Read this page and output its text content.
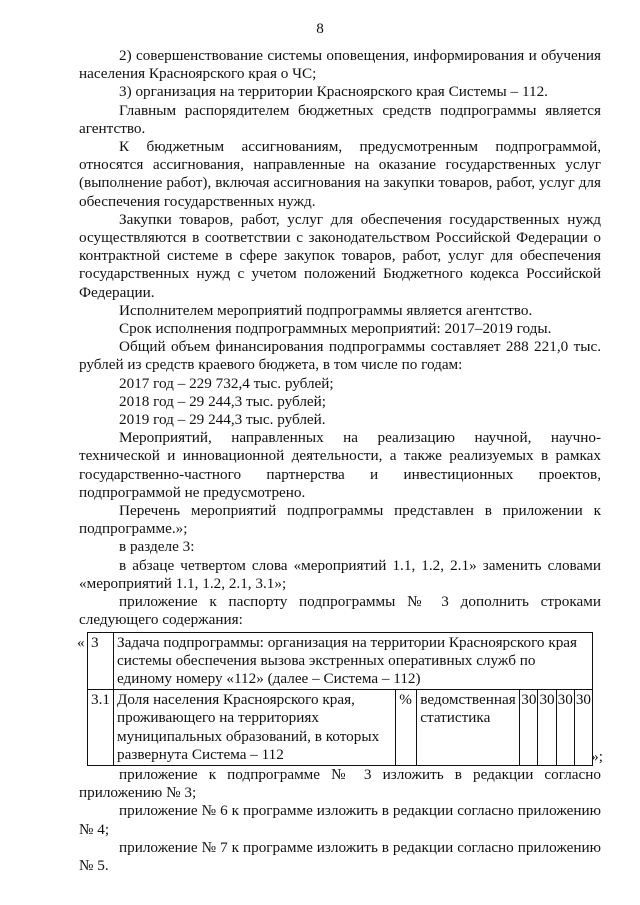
8

2) совершенствование системы оповещения, информирования и обучения населения Красноярского края о ЧС;

3) организация на территории Красноярского края Системы – 112.

Главным распорядителем бюджетных средств подпрограммы является агентство.

К бюджетным ассигнованиям, предусмотренным подпрограммой, относятся ассигнования, направленные на оказание государственных услуг (выполнение работ), включая ассигнования на закупки товаров, работ, услуг для обеспечения государственных нужд.

Закупки товаров, работ, услуг для обеспечения государственных нужд осуществляются в соответствии с законодательством Российской Федерации о контрактной системе в сфере закупок товаров, работ, услуг для обеспечения государственных нужд с учетом положений Бюджетного кодекса Российской Федерации.

Исполнителем мероприятий подпрограммы является агентство.

Срок исполнения подпрограммных мероприятий: 2017–2019 годы.

Общий объем финансирования подпрограммы составляет 288 221,0 тыс. рублей из средств краевого бюджета, в том числе по годам:

2017 год – 229 732,4 тыс. рублей;

2018 год – 29 244,3 тыс. рублей;

2019 год – 29 244,3 тыс. рублей.

Мероприятий, направленных на реализацию научной, научно-технической и инновационной деятельности, а также реализуемых в рамках государственно-частного партнерства и инвестиционных проектов, подпрограммой не предусмотрено.

Перечень мероприятий подпрограммы представлен в приложении к подпрограмме.»;

в разделе 3:

в абзаце четвертом слова «мероприятий 1.1, 1.2, 2.1» заменить словами «мероприятий 1.1, 1.2, 2.1, 3.1»;

приложение к паспорту подпрограммы № 3 дополнить строками следующего содержания:

« 3	Задача подпрограммы: организация на территории Красноярского края системы обеспечения вызова экстренных оперативных служб по единому номеру «112» (далее – Система – 112)						
3.1	Доля населения Красноярского края, проживающего на территориях муниципальных образований, в которых развернута Система – 112	%	ведомственная статистика	30	30	30	30
»;

приложение к подпрограмме № 3 изложить в редакции согласно приложению № 3;

приложение № 6 к программе изложить в редакции согласно приложению № 4;

приложение № 7 к программе изложить в редакции согласно приложению № 5.
